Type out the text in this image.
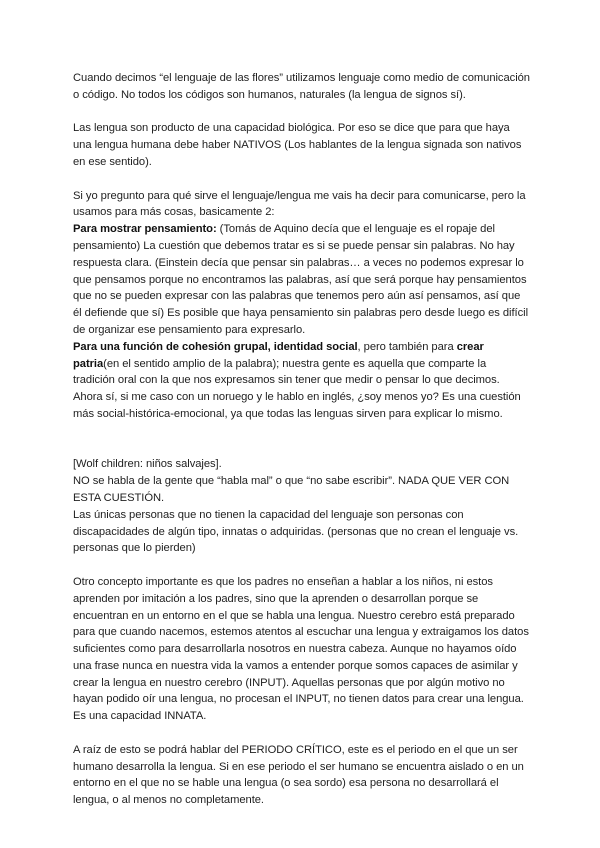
Cuando decimos “el lenguaje de las flores” utilizamos lenguaje como medio de comunicación o código. No todos los códigos son humanos, naturales (la lengua de signos sí).

Las lengua son producto de una capacidad biológica. Por eso se dice que para que haya una lengua humana debe haber NATIVOS (Los hablantes de la lengua signada son nativos en ese sentido).

Si yo pregunto para qué sirve el lenguaje/lengua me vais ha decir para comunicarse, pero la usamos para más cosas, basicamente 2:

Para mostrar pensamiento: (Tomás de Aquino decía que el lenguaje es el ropaje del pensamiento) La cuestión que debemos tratar es si se puede pensar sin palabras. No hay respuesta clara. (Einstein decía que pensar sin palabras… a veces no podemos expresar lo que pensamos porque no encontramos las palabras, así que será porque hay pensamientos que no se pueden expresar con las palabras que tenemos pero aún así pensamos, así que él defiende que sí) Es posible que haya pensamiento sin palabras pero desde luego es difícil de organizar ese pensamiento para expresarlo.

Para una función de cohesión grupal, identidad social, pero también para crear patria(en el sentido amplio de la palabra); nuestra gente es aquella que comparte la tradición oral con la que nos expresamos sin tener que medir o pensar lo que decimos. Ahora sí, si me caso con un noruego y le hablo en inglés, ¿soy menos yo? Es una cuestión más social-histórica-emocional, ya que todas las lenguas sirven para explicar lo mismo.

[Wolf children: niños salvajes].

NO se habla de la gente que “habla mal” o que “no sabe escribir”. NADA QUE VER CON ESTA CUESTIÓN.

Las únicas personas que no tienen la capacidad del lenguaje son personas con discapacidades de algún tipo, innatas o adquiridas. (personas que no crean el lenguaje vs. personas que lo pierden)

Otro concepto importante es que los padres no enseñan a hablar a los niños, ni estos aprenden por imitación a los padres, sino que la aprenden o desarrollan porque se encuentran en un entorno en el que se habla una lengua. Nuestro cerebro está preparado para que cuando nacemos, estemos atentos al escuchar una lengua y extraigamos los datos suficientes como para desarrollarla nosotros en nuestra cabeza. Aunque no hayamos oído una frase nunca en nuestra vida la vamos a entender porque somos capaces de asimilar y crear la lengua en nuestro cerebro (INPUT). Aquellas personas que por algún motivo no hayan podido oír una lengua, no procesan el INPUT, no tienen datos para crear una lengua. Es una capacidad INNATA.

A raíz de esto se podrá hablar del PERIODO CRÍTICO, este es el periodo en el que un ser humano desarrolla la lengua. Si en ese periodo el ser humano se encuentra aislado o en un entorno en el que no se hable una lengua (o sea sordo) esa persona no desarrollará el lengua, o al menos no completamente.
